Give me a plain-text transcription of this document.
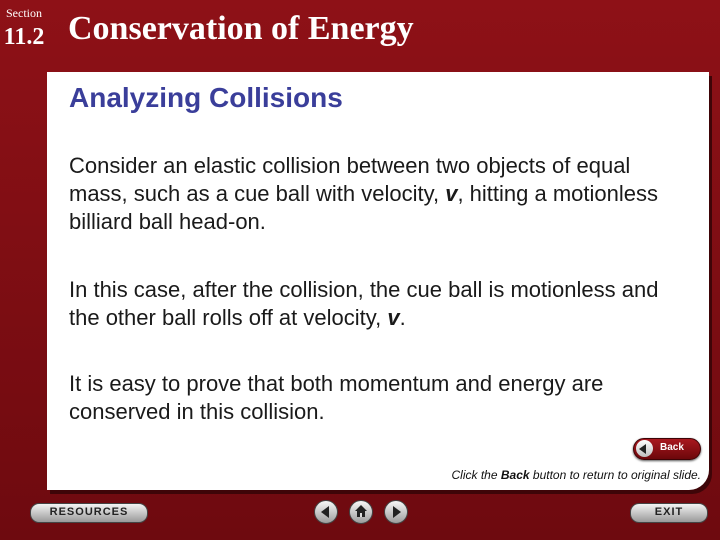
Section
11.2 Conservation of Energy
Analyzing Collisions
Consider an elastic collision between two objects of equal mass, such as a cue ball with velocity, v, hitting a motionless billiard ball head-on.
In this case, after the collision, the cue ball is motionless and the other ball rolls off at velocity, v.
It is easy to prove that both momentum and energy are conserved in this collision.
Back
Click the Back button to return to original slide.
RESOURCES	EXIT
